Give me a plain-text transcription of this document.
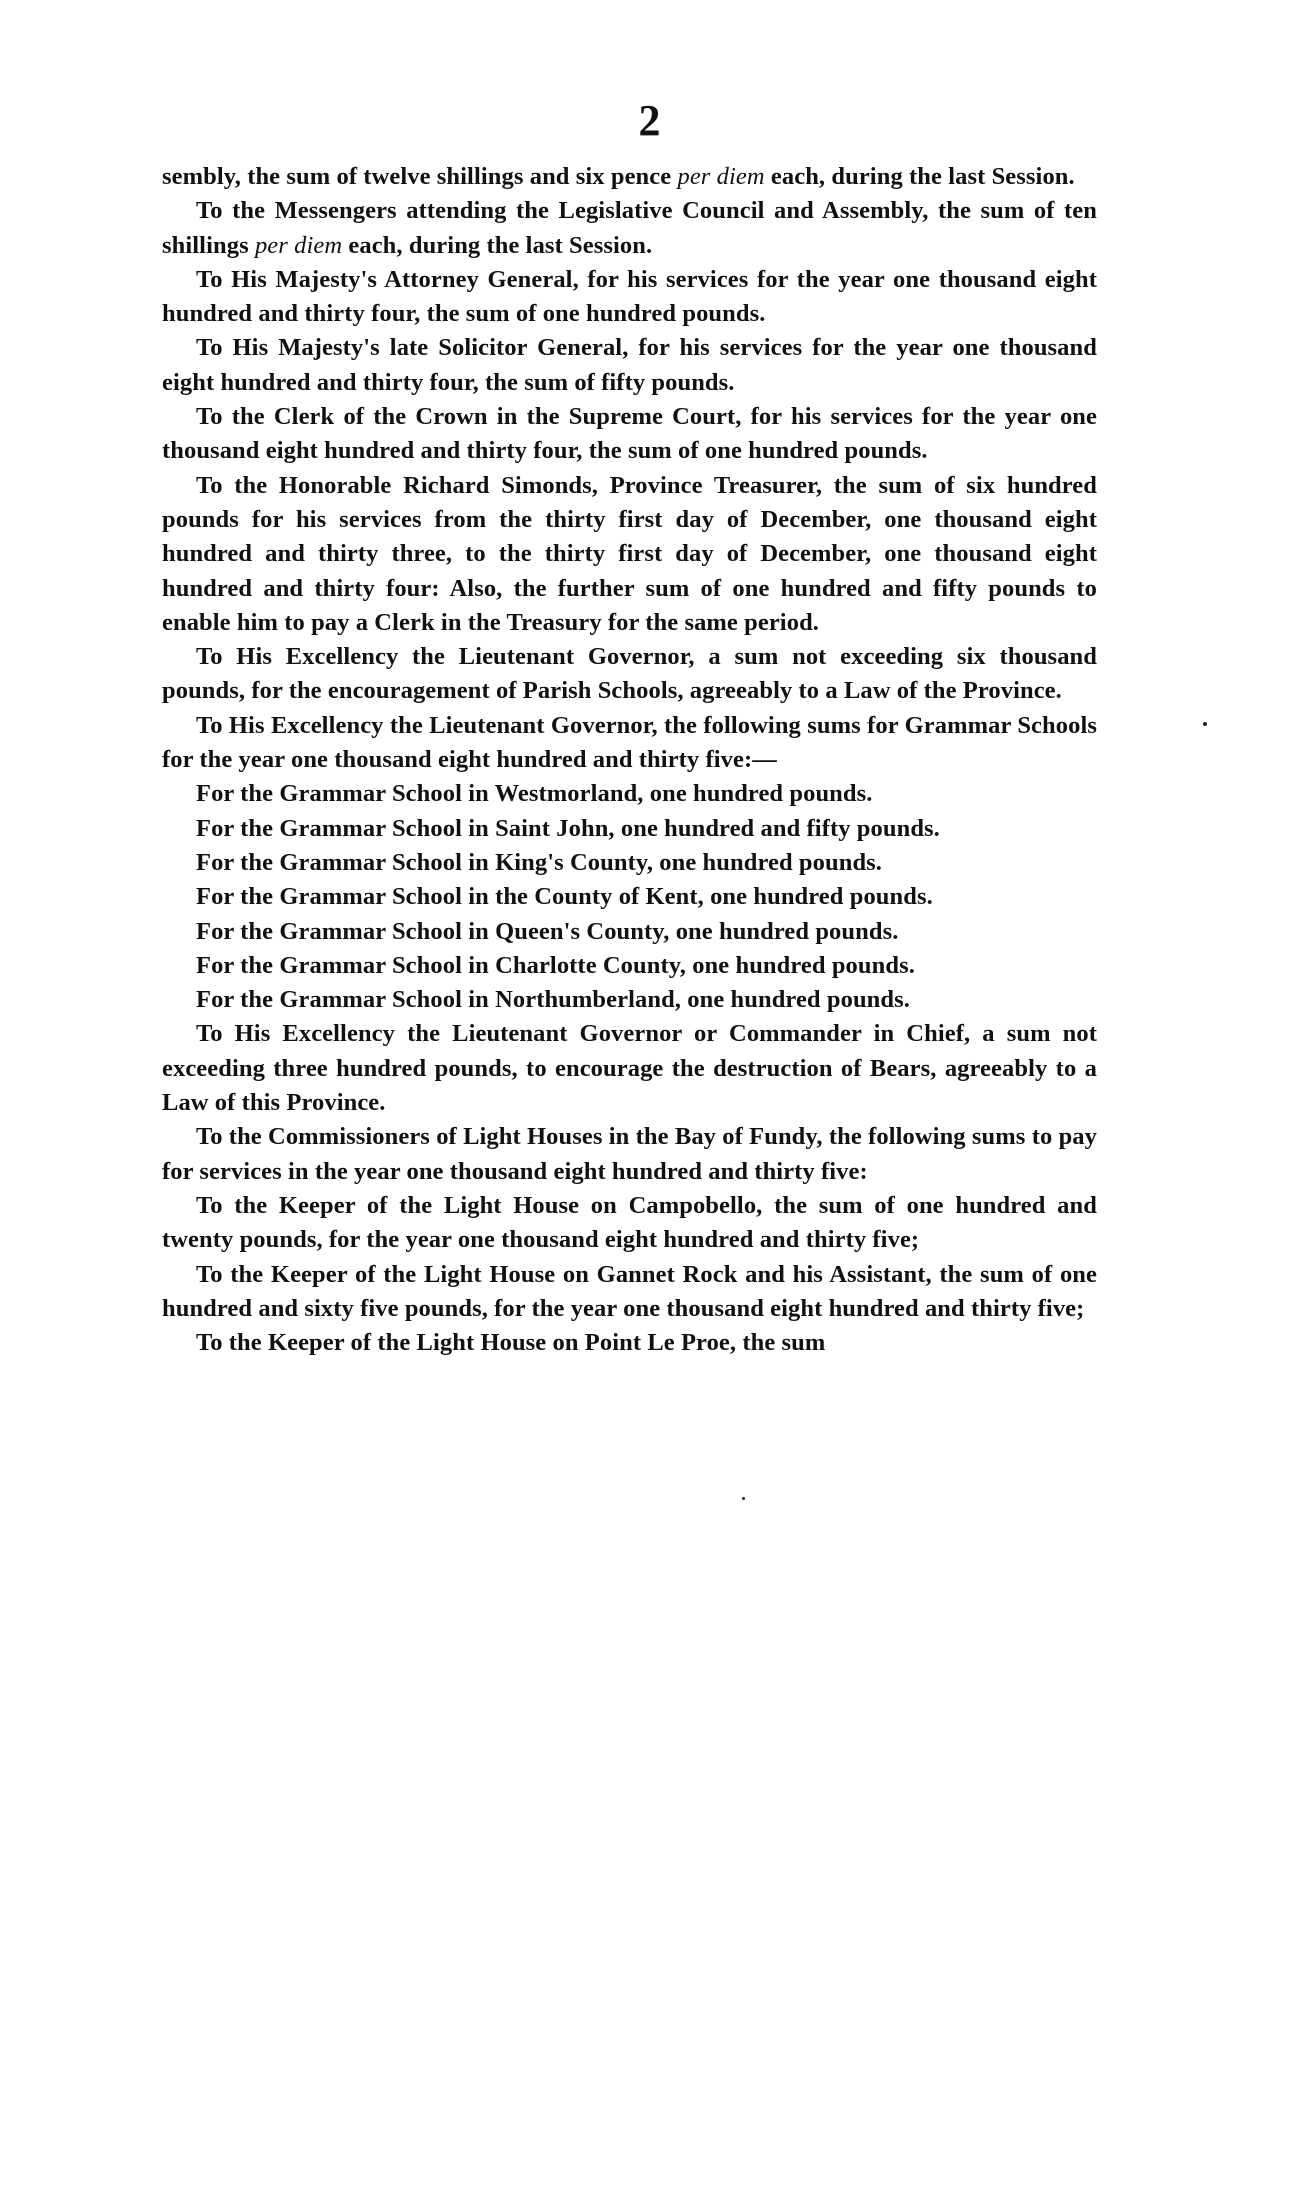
2

sembly, the sum of twelve shillings and six pence per diem each, during the last Session.

To the Messengers attending the Legislative Council and Assembly, the sum of ten shillings per diem each, during the last Session.

To His Majesty's Attorney General, for his services for the year one thousand eight hundred and thirty four, the sum of one hundred pounds.

To His Majesty's late Solicitor General, for his services for the year one thousand eight hundred and thirty four, the sum of fifty pounds.

To the Clerk of the Crown in the Supreme Court, for his services for the year one thousand eight hundred and thirty four, the sum of one hundred pounds.

To the Honorable Richard Simonds, Province Treasurer, the sum of six hundred pounds for his services from the thirty first day of December, one thousand eight hundred and thirty three, to the thirty first day of December, one thousand eight hundred and thirty four: Also, the further sum of one hundred and fifty pounds to enable him to pay a Clerk in the Treasury for the same period.

To His Excellency the Lieutenant Governor, a sum not exceeding six thousand pounds, for the encouragement of Parish Schools, agreeably to a Law of the Province.

To His Excellency the Lieutenant Governor, the following sums for Grammar Schools for the year one thousand eight hundred and thirty five:—

For the Grammar School in Westmorland, one hundred pounds.

For the Grammar School in Saint John, one hundred and fifty pounds.

For the Grammar School in King's County, one hundred pounds.

For the Grammar School in the County of Kent, one hundred pounds.

For the Grammar School in Queen's County, one hundred pounds.

For the Grammar School in Charlotte County, one hundred pounds.

For the Grammar School in Northumberland, one hundred pounds.

To His Excellency the Lieutenant Governor or Commander in Chief, a sum not exceeding three hundred pounds, to encourage the destruction of Bears, agreeably to a Law of this Province.

To the Commissioners of Light Houses in the Bay of Fundy, the following sums to pay for services in the year one thousand eight hundred and thirty five:

To the Keeper of the Light House on Campobello, the sum of one hundred and twenty pounds, for the year one thousand eight hundred and thirty five;

To the Keeper of the Light House on Gannet Rock and his Assistant, the sum of one hundred and sixty five pounds, for the year one thousand eight hundred and thirty five;

To the Keeper of the Light House on Point Le Proe, the sum
